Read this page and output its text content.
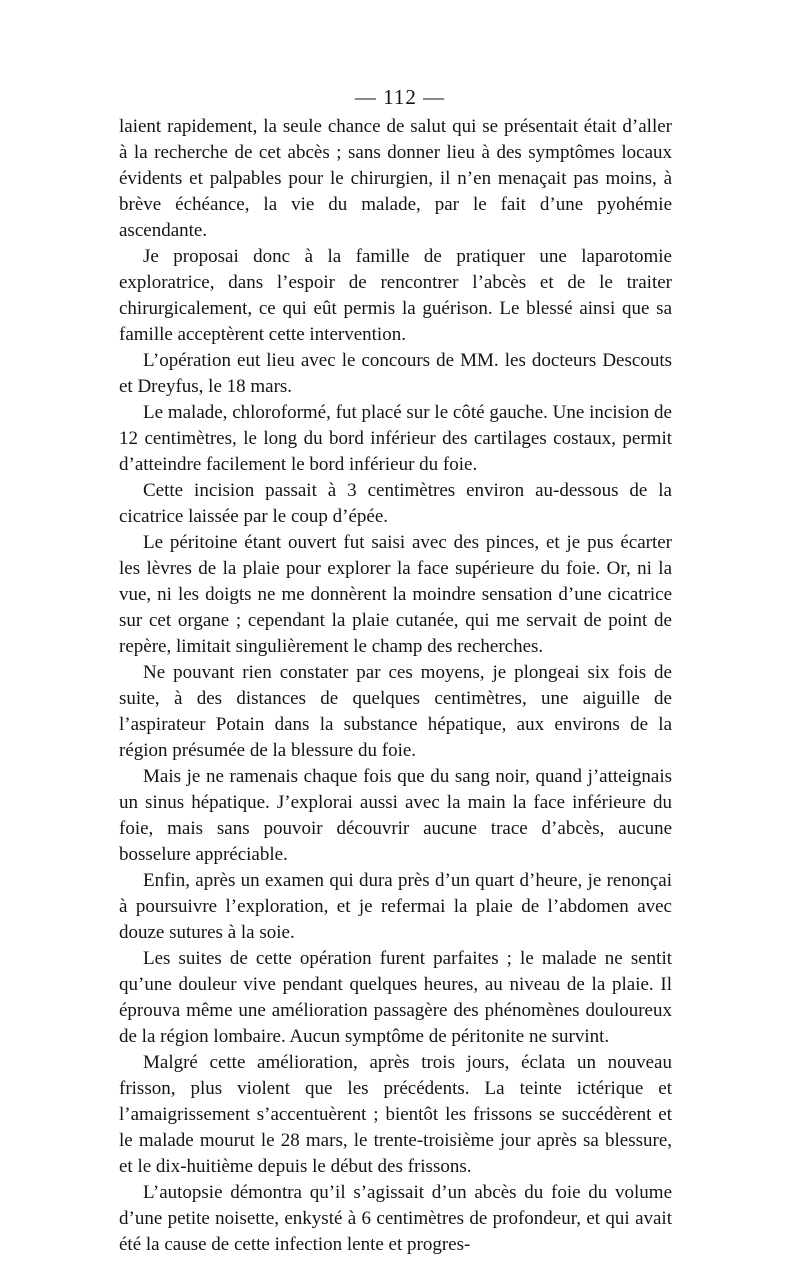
— 112 —

laient rapidement, la seule chance de salut qui se présentait était d’aller à la recherche de cet abcès ; sans donner lieu à des symptômes locaux évidents et palpables pour le chirurgien, il n’en menaçait pas moins, à brève échéance, la vie du malade, par le fait d’une pyohémie ascendante.

Je proposai donc à la famille de pratiquer une laparotomie exploratrice, dans l’espoir de rencontrer l’abcès et de le traiter chirurgicalement, ce qui eût permis la guérison. Le blessé ainsi que sa famille acceptèrent cette intervention.

L’opération eut lieu avec le concours de MM. les docteurs Descouts et Dreyfus, le 18 mars.

Le malade, chloroformé, fut placé sur le côté gauche. Une incision de 12 centimètres, le long du bord inférieur des cartilages costaux, permit d’atteindre facilement le bord inférieur du foie.

Cette incision passait à 3 centimètres environ au-dessous de la cicatrice laissée par le coup d’épée.

Le péritoine étant ouvert fut saisi avec des pinces, et je pus écarter les lèvres de la plaie pour explorer la face supérieure du foie. Or, ni la vue, ni les doigts ne me donnèrent la moindre sensation d’une cicatrice sur cet organe ; cependant la plaie cutanée, qui me servait de point de repère, limitait singulièrement le champ des recherches.

Ne pouvant rien constater par ces moyens, je plongeai six fois de suite, à des distances de quelques centimètres, une aiguille de l’aspirateur Potain dans la substance hépatique, aux environs de la région présumée de la blessure du foie.

Mais je ne ramenais chaque fois que du sang noir, quand j’atteignais un sinus hépatique. J’explorai aussi avec la main la face inférieure du foie, mais sans pouvoir découvrir aucune trace d’abcès, aucune bosselure appréciable.

Enfin, après un examen qui dura près d’un quart d’heure, je renonçai à poursuivre l’exploration, et je refermai la plaie de l’abdomen avec douze sutures à la soie.

Les suites de cette opération furent parfaites ; le malade ne sentit qu’une douleur vive pendant quelques heures, au niveau de la plaie. Il éprouva même une amélioration passagère des phénomènes douloureux de la région lombaire. Aucun symptôme de péritonite ne survint.

Malgré cette amélioration, après trois jours, éclata un nouveau frisson, plus violent que les précédents. La teinte ictérique et l’amaigrissement s’accentuèrent ; bientôt les frissons se succédèrent et le malade mourut le 28 mars, le trente-troisième jour après sa blessure, et le dix-huitième depuis le début des frissons.

L’autopsie démontra qu’il s’agissait d’un abcès du foie du volume d’une petite noisette, enkysté à 6 centimètres de profondeur, et qui avait été la cause de cette infection lente et progres-
